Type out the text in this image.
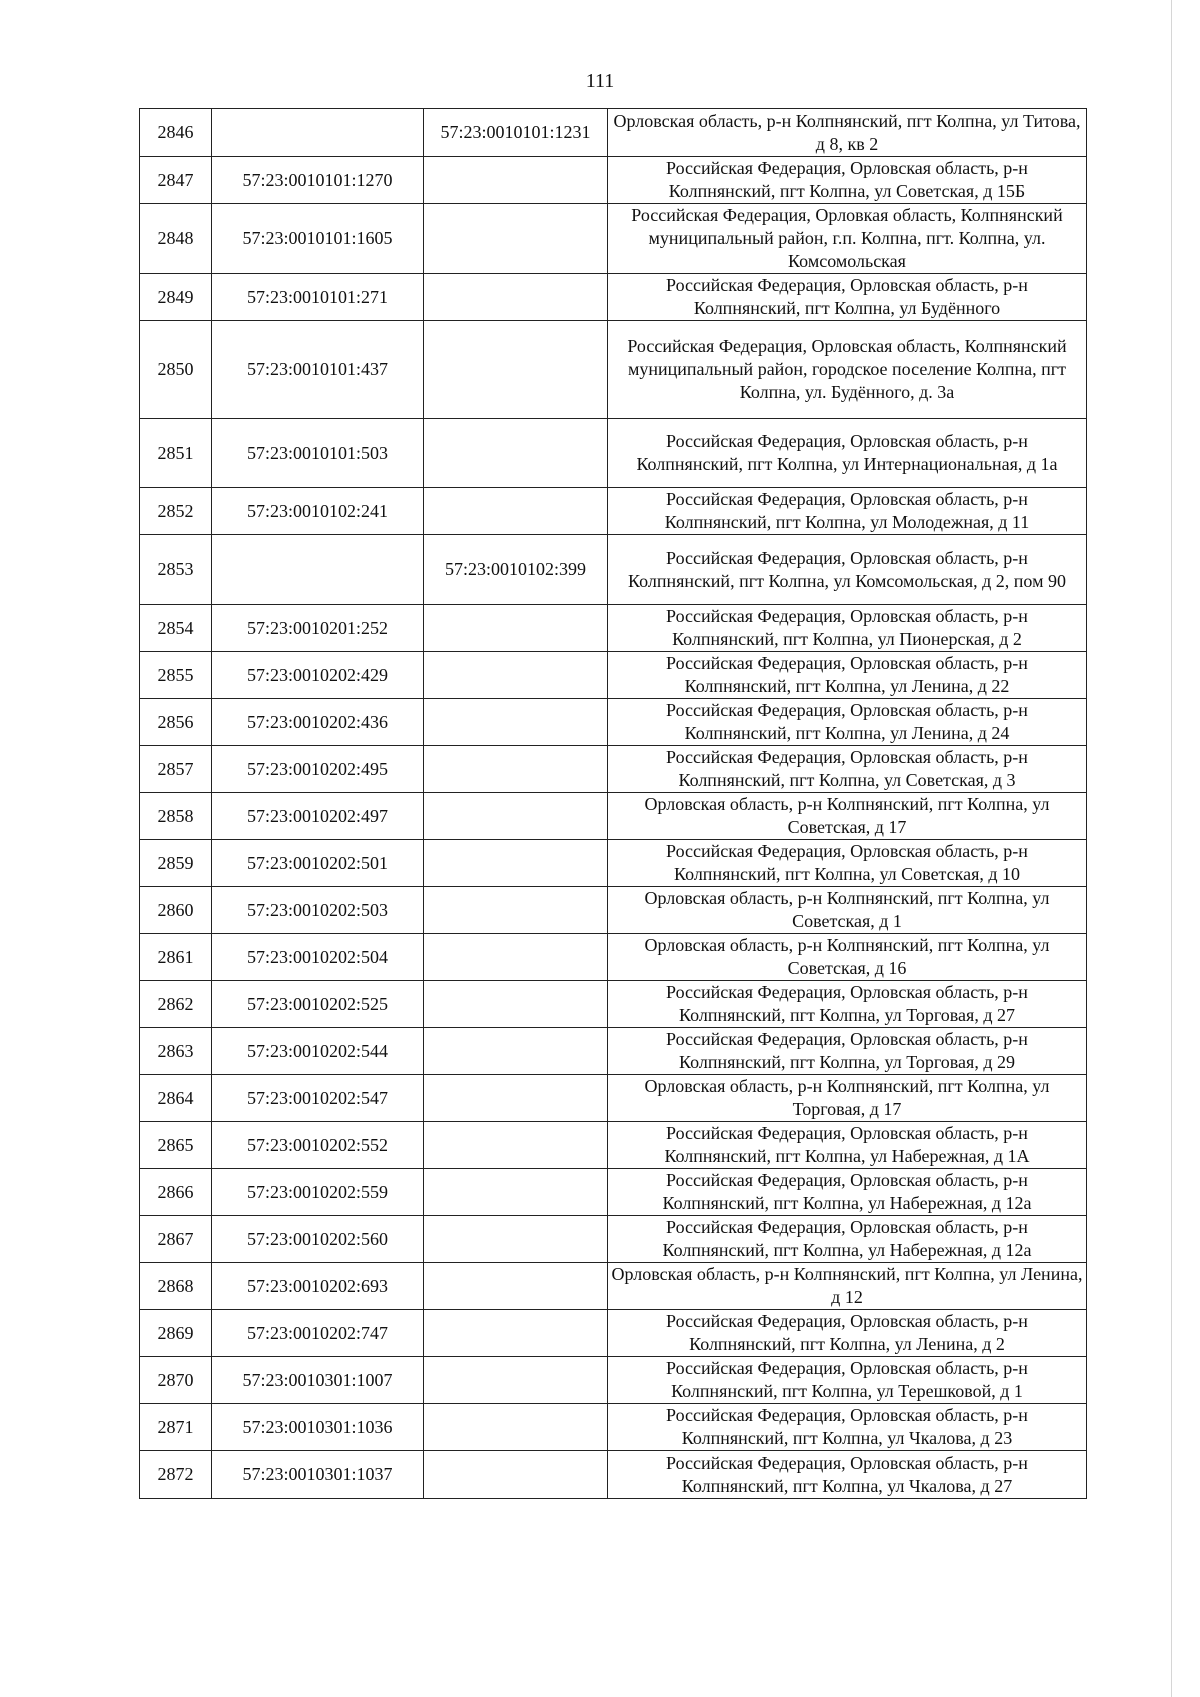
111
2846		57:23:0010101:1231	Орловская область, р-н Колпнянский, пгт Колпна, ул Титова, д 8, кв 2
2847	57:23:0010101:1270		Российская Федерация, Орловская область, р-н Колпнянский, пгт Колпна, ул Советская, д 15Б
2848	57:23:0010101:1605		Российская Федерация, Орловкая область, Колпнянский муниципальный район, г.п. Колпна, пгт. Колпна, ул. Комсомольская
2849	57:23:0010101:271		Российская Федерация, Орловская область, р-н Колпнянский, пгт Колпна, ул Будённого
2850	57:23:0010101:437		Российская Федерация, Орловская область, Колпнянский муниципальный район, городское поселение Колпна, пгт Колпна, ул. Будённого, д. 3а
2851	57:23:0010101:503		Российская Федерация, Орловская область, р-н Колпнянский, пгт Колпна, ул Интернациональная, д 1а
2852	57:23:0010102:241		Российская Федерация, Орловская область, р-н Колпнянский, пгт Колпна, ул Молодежная, д 11
2853		57:23:0010102:399	Российская Федерация, Орловская область, р-н Колпнянский, пгт Колпна, ул Комсомольская, д 2, пом 90
2854	57:23:0010201:252		Российская Федерация, Орловская область, р-н Колпнянский, пгт Колпна, ул Пионерская, д 2
2855	57:23:0010202:429		Российская Федерация, Орловская область, р-н Колпнянский, пгт Колпна, ул Ленина, д 22
2856	57:23:0010202:436		Российская Федерация, Орловская область, р-н Колпнянский, пгт Колпна, ул Ленина, д 24
2857	57:23:0010202:495		Российская Федерация, Орловская область, р-н Колпнянский, пгт Колпна, ул Советская, д 3
2858	57:23:0010202:497		Орловская область, р-н Колпнянский, пгт Колпна, ул Советская, д 17
2859	57:23:0010202:501		Российская Федерация, Орловская область, р-н Колпнянский, пгт Колпна, ул Советская, д 10
2860	57:23:0010202:503		Орловская область, р-н Колпнянский, пгт Колпна, ул Советская, д 1
2861	57:23:0010202:504		Орловская область, р-н Колпнянский, пгт Колпна, ул Советская, д 16
2862	57:23:0010202:525		Российская Федерация, Орловская область, р-н Колпнянский, пгт Колпна, ул Торговая, д 27
2863	57:23:0010202:544		Российская Федерация, Орловская область, р-н Колпнянский, пгт Колпна, ул Торговая, д 29
2864	57:23:0010202:547		Орловская область, р-н Колпнянский, пгт Колпна, ул Торговая, д 17
2865	57:23:0010202:552		Российская Федерация, Орловская область, р-н Колпнянский, пгт Колпна, ул Набережная, д 1А
2866	57:23:0010202:559		Российская Федерация, Орловская область, р-н Колпнянский, пгт Колпна, ул Набережная, д 12а
2867	57:23:0010202:560		Российская Федерация, Орловская область, р-н Колпнянский, пгт Колпна, ул Набережная, д 12а
2868	57:23:0010202:693		Орловская область, р-н Колпнянский, пгт Колпна, ул Ленина, д 12
2869	57:23:0010202:747		Российская Федерация, Орловская область, р-н Колпнянский, пгт Колпна, ул Ленина, д 2
2870	57:23:0010301:1007		Российская Федерация, Орловская область, р-н Колпнянский, пгт Колпна, ул Терешковой, д 1
2871	57:23:0010301:1036		Российская Федерация, Орловская область, р-н Колпнянский, пгт Колпна, ул Чкалова, д 23
2872	57:23:0010301:1037		Российская Федерация, Орловская область, р-н Колпнянский, пгт Колпна, ул Чкалова, д 27
